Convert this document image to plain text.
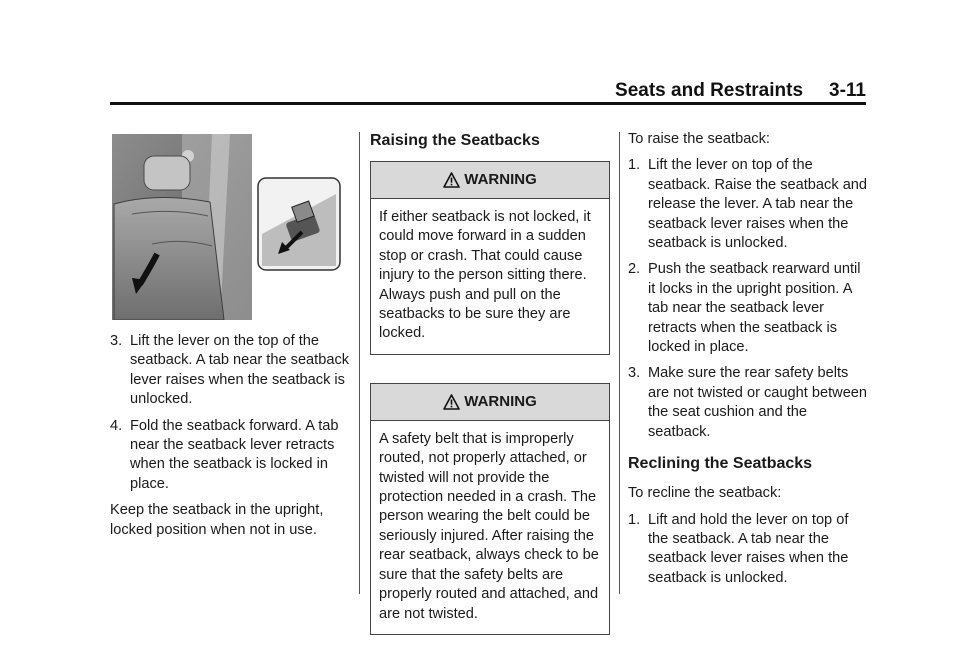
Seats and Restraints 3-11
3. Lift the lever on the top of the seatback. A tab near the seatback lever raises when the seatback is unlocked.
4. Fold the seatback forward. A tab near the seatback lever retracts when the seatback is locked in place.

Keep the seatback in the upright, locked position when not in use.

Raising the Seatbacks
WARNING
If either seatback is not locked, it could move forward in a sudden stop or crash. That could cause injury to the person sitting there. Always push and pull on the seatbacks to be sure they are locked.
WARNING
A safety belt that is improperly routed, not properly attached, or twisted will not provide the protection needed in a crash. The person wearing the belt could be seriously injured. After raising the rear seatback, always check to be sure that the safety belts are properly routed and attached, and are not twisted.

To raise the seatback:

1. Lift the lever on top of the seatback. Raise the seatback and release the lever. A tab near the seatback lever raises when the seatback is unlocked.
2. Push the seatback rearward until it locks in the upright position. A tab near the seatback lever retracts when the seatback is locked in place.
3. Make sure the rear safety belts are not twisted or caught between the seat cushion and the seatback.
Reclining the Seatbacks

To recline the seatback:

1. Lift and hold the lever on top of the seatback. A tab near the seatback lever raises when the seatback is unlocked.
